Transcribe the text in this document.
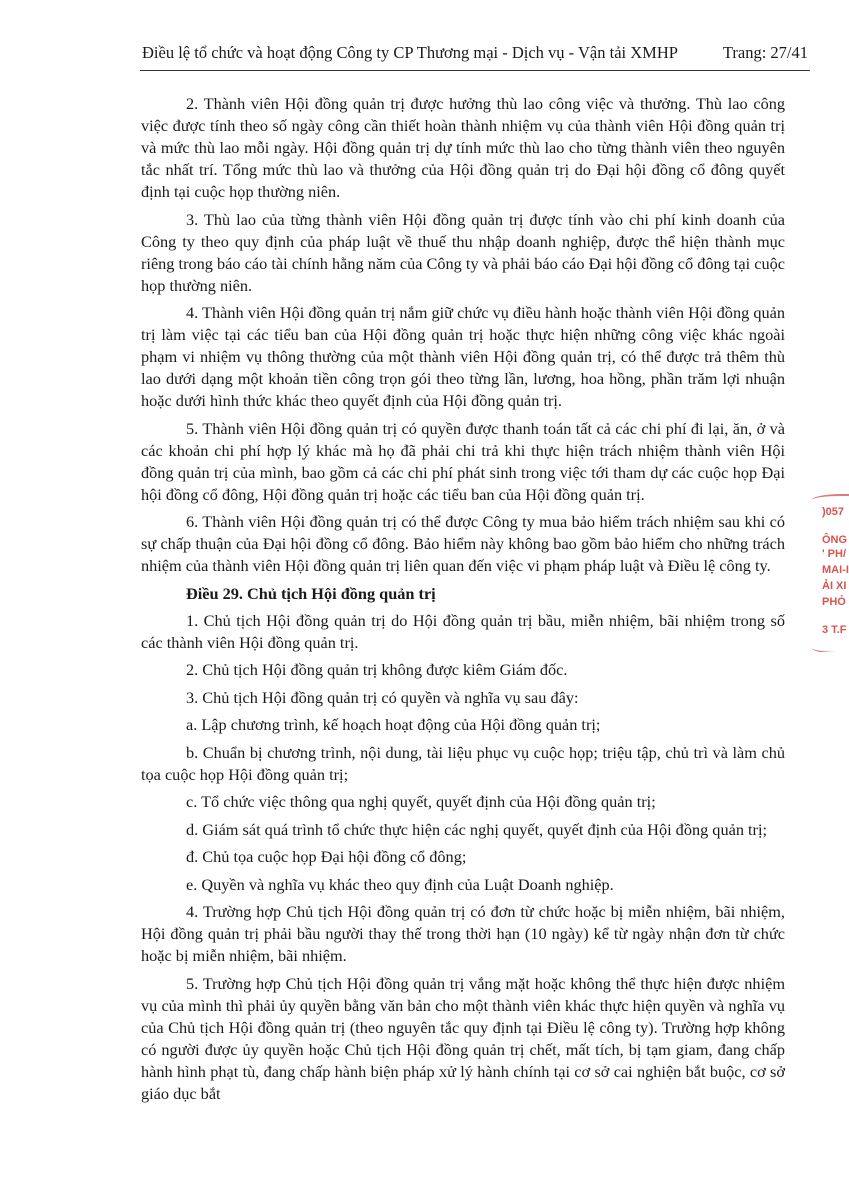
Điều lệ tổ chức và hoạt động Công ty CP Thương mại - Dịch vụ - Vận tải XMHP	Trang: 27/41

2. Thành viên Hội đồng quản trị được hưởng thù lao công việc và thưởng. Thù lao công việc được tính theo số ngày công cần thiết hoàn thành nhiệm vụ của thành viên Hội đồng quản trị và mức thù lao mỗi ngày. Hội đồng quản trị dự tính mức thù lao cho từng thành viên theo nguyên tắc nhất trí. Tổng mức thù lao và thưởng của Hội đồng quản trị do Đại hội đồng cổ đông quyết định tại cuộc họp thường niên.

3. Thù lao của từng thành viên Hội đồng quản trị được tính vào chi phí kinh doanh của Công ty theo quy định của pháp luật về thuế thu nhập doanh nghiệp, được thể hiện thành mục riêng trong báo cáo tài chính hằng năm của Công ty và phải báo cáo Đại hội đồng cổ đông tại cuộc họp thường niên.

4. Thành viên Hội đồng quản trị nắm giữ chức vụ điều hành hoặc thành viên Hội đồng quản trị làm việc tại các tiểu ban của Hội đồng quản trị hoặc thực hiện những công việc khác ngoài phạm vi nhiệm vụ thông thường của một thành viên Hội đồng quản trị, có thể được trả thêm thù lao dưới dạng một khoản tiền công trọn gói theo từng lần, lương, hoa hồng, phần trăm lợi nhuận hoặc dưới hình thức khác theo quyết định của Hội đồng quản trị.

5. Thành viên Hội đồng quản trị có quyền được thanh toán tất cả các chi phí đi lại, ăn, ở và các khoản chi phí hợp lý khác mà họ đã phải chi trả khi thực hiện trách nhiệm thành viên Hội đồng quản trị của mình, bao gồm cả các chi phí phát sinh trong việc tới tham dự các cuộc họp Đại hội đồng cổ đông, Hội đồng quản trị hoặc các tiểu ban của Hội đồng quản trị.

6. Thành viên Hội đồng quản trị có thể được Công ty mua bảo hiểm trách nhiệm sau khi có sự chấp thuận của Đại hội đồng cổ đông. Bảo hiểm này không bao gồm bảo hiểm cho những trách nhiệm của thành viên Hội đồng quản trị liên quan đến việc vi phạm pháp luật và Điều lệ công ty.

Điều 29. Chủ tịch Hội đồng quản trị

1. Chủ tịch Hội đồng quản trị do Hội đồng quản trị bầu, miễn nhiệm, bãi nhiệm trong số các thành viên Hội đồng quản trị.

2. Chủ tịch Hội đồng quản trị không được kiêm Giám đốc.

3. Chủ tịch Hội đồng quản trị có quyền và nghĩa vụ sau đây:

a. Lập chương trình, kế hoạch hoạt động của Hội đồng quản trị;

b. Chuẩn bị chương trình, nội dung, tài liệu phục vụ cuộc họp; triệu tập, chủ trì và làm chủ tọa cuộc họp Hội đồng quản trị;

c. Tổ chức việc thông qua nghị quyết, quyết định của Hội đồng quản trị;

d. Giám sát quá trình tổ chức thực hiện các nghị quyết, quyết định của Hội đồng quản trị;

đ. Chủ tọa cuộc họp Đại hội đồng cổ đông;

e. Quyền và nghĩa vụ khác theo quy định của Luật Doanh nghiệp.

4. Trường hợp Chủ tịch Hội đồng quản trị có đơn từ chức hoặc bị miễn nhiệm, bãi nhiệm, Hội đồng quản trị phải bầu người thay thế trong thời hạn (10 ngày) kể từ ngày nhận đơn từ chức hoặc bị miễn nhiệm, bãi nhiệm.

5. Trường hợp Chủ tịch Hội đồng quản trị vắng mặt hoặc không thể thực hiện được nhiệm vụ của mình thì phải ủy quyền bằng văn bản cho một thành viên khác thực hiện quyền và nghĩa vụ của Chủ tịch Hội đồng quản trị (theo nguyên tắc quy định tại Điều lệ công ty). Trường hợp không có người được ủy quyền hoặc Chủ tịch Hội đồng quản trị chết, mất tích, bị tạm giam, đang chấp hành hình phạt tù, đang chấp hành biện pháp xử lý hành chính tại cơ sở cai nghiện bắt buộc, cơ sở giáo dục bắt

)057
ÔNG
' PH/
MAI-I
ẢI XI
PHỎ
3 T.F
